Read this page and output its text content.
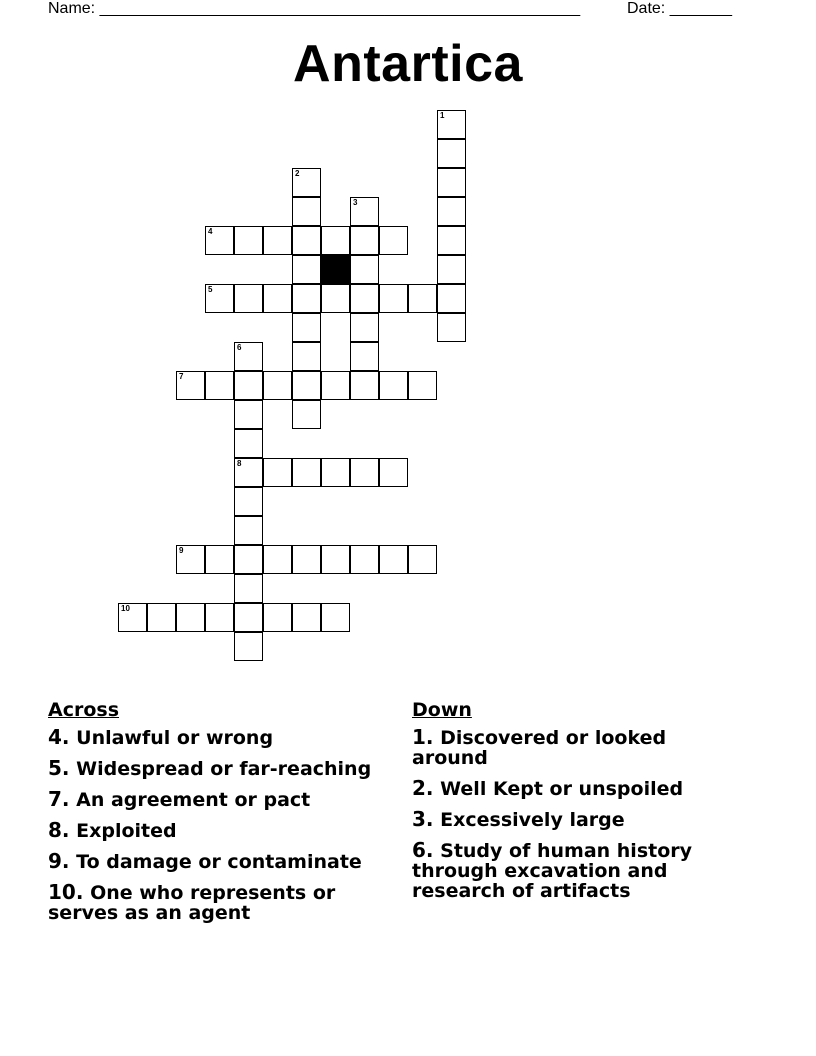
Name: ______________________________________________________	Date: _______
Antartica
1
2
3
4
5
6
8
7
9
10
Across
4. Unlawful or wrong
5. Widespread or far-reaching
7. An agreement or pact
8. Exploited
9. To damage or contaminate
10. One who represents or serves as an agent
Down
1. Discovered or looked around
2. Well Kept or unspoiled
3. Excessively large
6. Study of human history through excavation and research of artifacts
